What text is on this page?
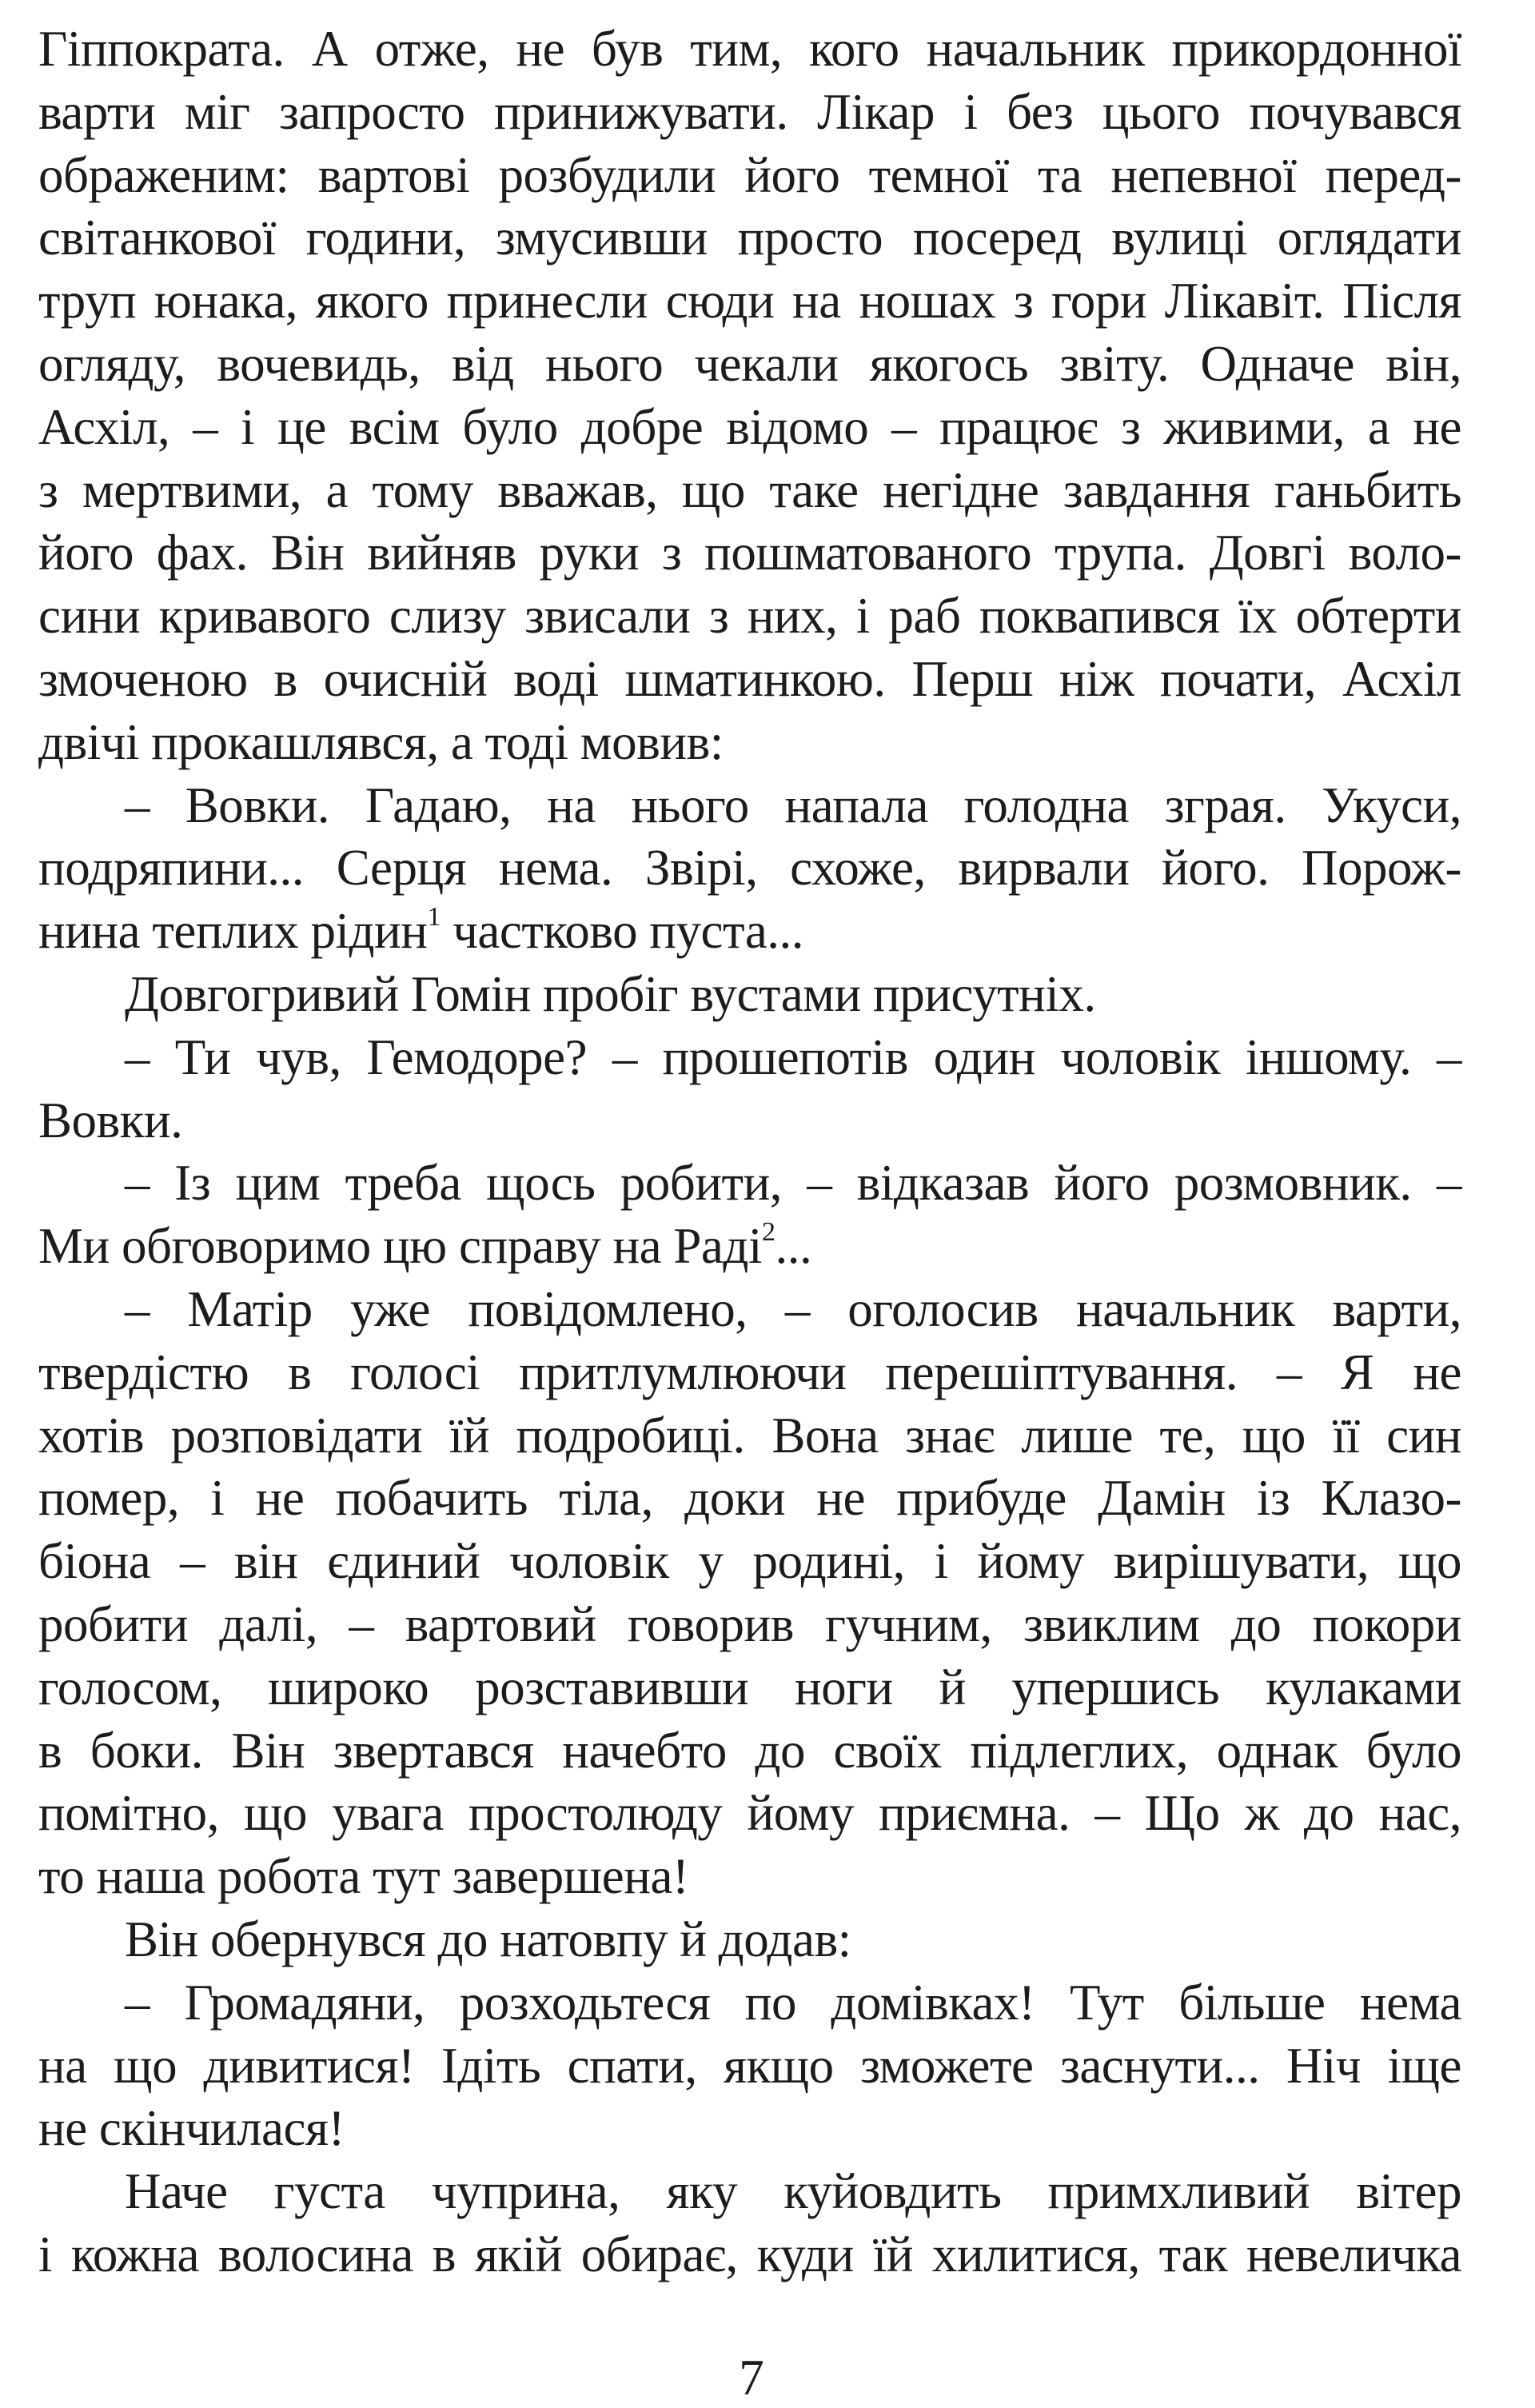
Гіппократа. А отже, не був тим, кого начальник прикордонної
варти міг запросто принижувати. Лікар і без цього почувався
ображеним: вартові розбудили його темної та непевної перед-
світанкової години, змусивши просто посеред вулиці оглядати
труп юнака, якого принесли сюди на ношах з гори Лікавіт. Після
огляду, вочевидь, від нього чекали якогось звіту. Одначе він,
Асхіл, – і це всім було добре відомо – працює з живими, а не
з мертвими, а тому вважав, що таке негідне завдання ганьбить
його фах. Він вийняв руки з пошматованого трупа. Довгі воло-
сини кривавого слизу звисали з них, і раб поквапився їх обтерти
змоченою в очисній воді шматинкою. Перш ніж почати, Асхіл
двічі прокашлявся, а тоді мовив:
– Вовки. Гадаю, на нього напала голодна зграя. Укуси,
подряпини... Серця нема. Звірі, схоже, вирвали його. Порож-
нина теплих рідин$^1$ частково пуста...
Довгогривий Гомін пробіг вустами присутніх.
– Ти чув, Гемодоре? – прошепотів один чоловік іншому. –
Вовки.
– Із цим треба щось робити, – відказав його розмовник. –
Ми обговоримо цю справу на Раді$^2$...
– Матір уже повідомлено, – оголосив начальник варти,
твердістю в голосі притлумлюючи перешіптування. – Я не
хотів розповідати їй подробиці. Вона знає лише те, що її син
помер, і не побачить тіла, доки не прибуде Дамін із Клазо-
біона – він єдиний чоловік у родині, і йому вирішувати, що
робити далі, – вартовий говорив гучним, звиклим до покори
голосом, широко розставивши ноги й упершись кулаками
в боки. Він звертався начебто до своїх підлеглих, однак було
помітно, що увага простолюду йому приємна. – Що ж до нас,
то наша робота тут завершена!
Він обернувся до натовпу й додав:
– Громадяни, розходьтеся по домівках! Тут більше нема
на що дивитися! Ідіть спати, якщо зможете заснути... Ніч іще
не скінчилася!
Наче густа чуприна, яку куйовдить примхливий вітер
і кожна волосина в якій обирає, куди їй хилитися, так невеличка
7
